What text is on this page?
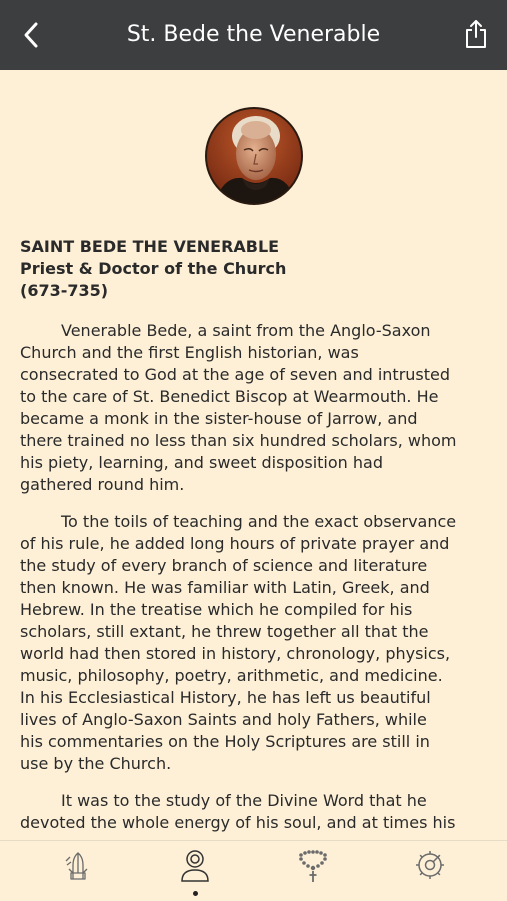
St. Bede the Venerable
SAINT BEDE THE VENERABLE
Priest & Doctor of the Church
(673-735)

Venerable Bede, a saint from the Anglo-Saxon
Church and the first English historian, was
consecrated to God at the age of seven and intrusted
to the care of St. Benedict Biscop at Wearmouth. He
became a monk in the sister-house of Jarrow, and
there trained no less than six hundred scholars, whom
his piety, learning, and sweet disposition had
gathered round him.

To the toils of teaching and the exact observance
of his rule, he added long hours of private prayer and
the study of every branch of science and literature
then known. He was familiar with Latin, Greek, and
Hebrew. In the treatise which he compiled for his
scholars, still extant, he threw together all that the
world had then stored in history, chronology, physics,
music, philosophy, poetry, arithmetic, and medicine.
In his Ecclesiastical History, he has left us beautiful
lives of Anglo-Saxon Saints and holy Fathers, while
his commentaries on the Holy Scriptures are still in
use by the Church.

It was to the study of the Divine Word that he
devoted the whole energy of his soul, and at times his
